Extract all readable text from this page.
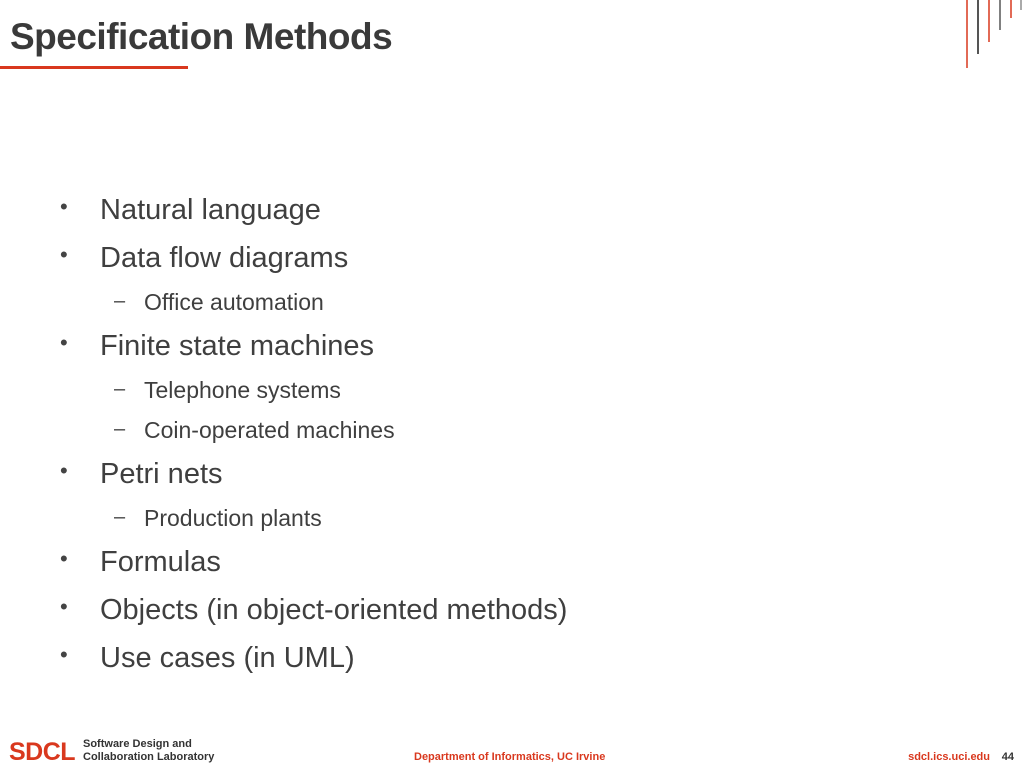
Specification Methods
• Natural language
• Data flow diagrams
– Office automation
• Finite state machines
– Telephone systems
– Coin-operated machines
• Petri nets
– Production plants
• Formulas
• Objects (in object-oriented methods)
• Use cases (in UML)
SDCL Software Design and
Collaboration Laboratory	Department of Informatics, UC Irvine	sdcl.ics.uci.edu 44
